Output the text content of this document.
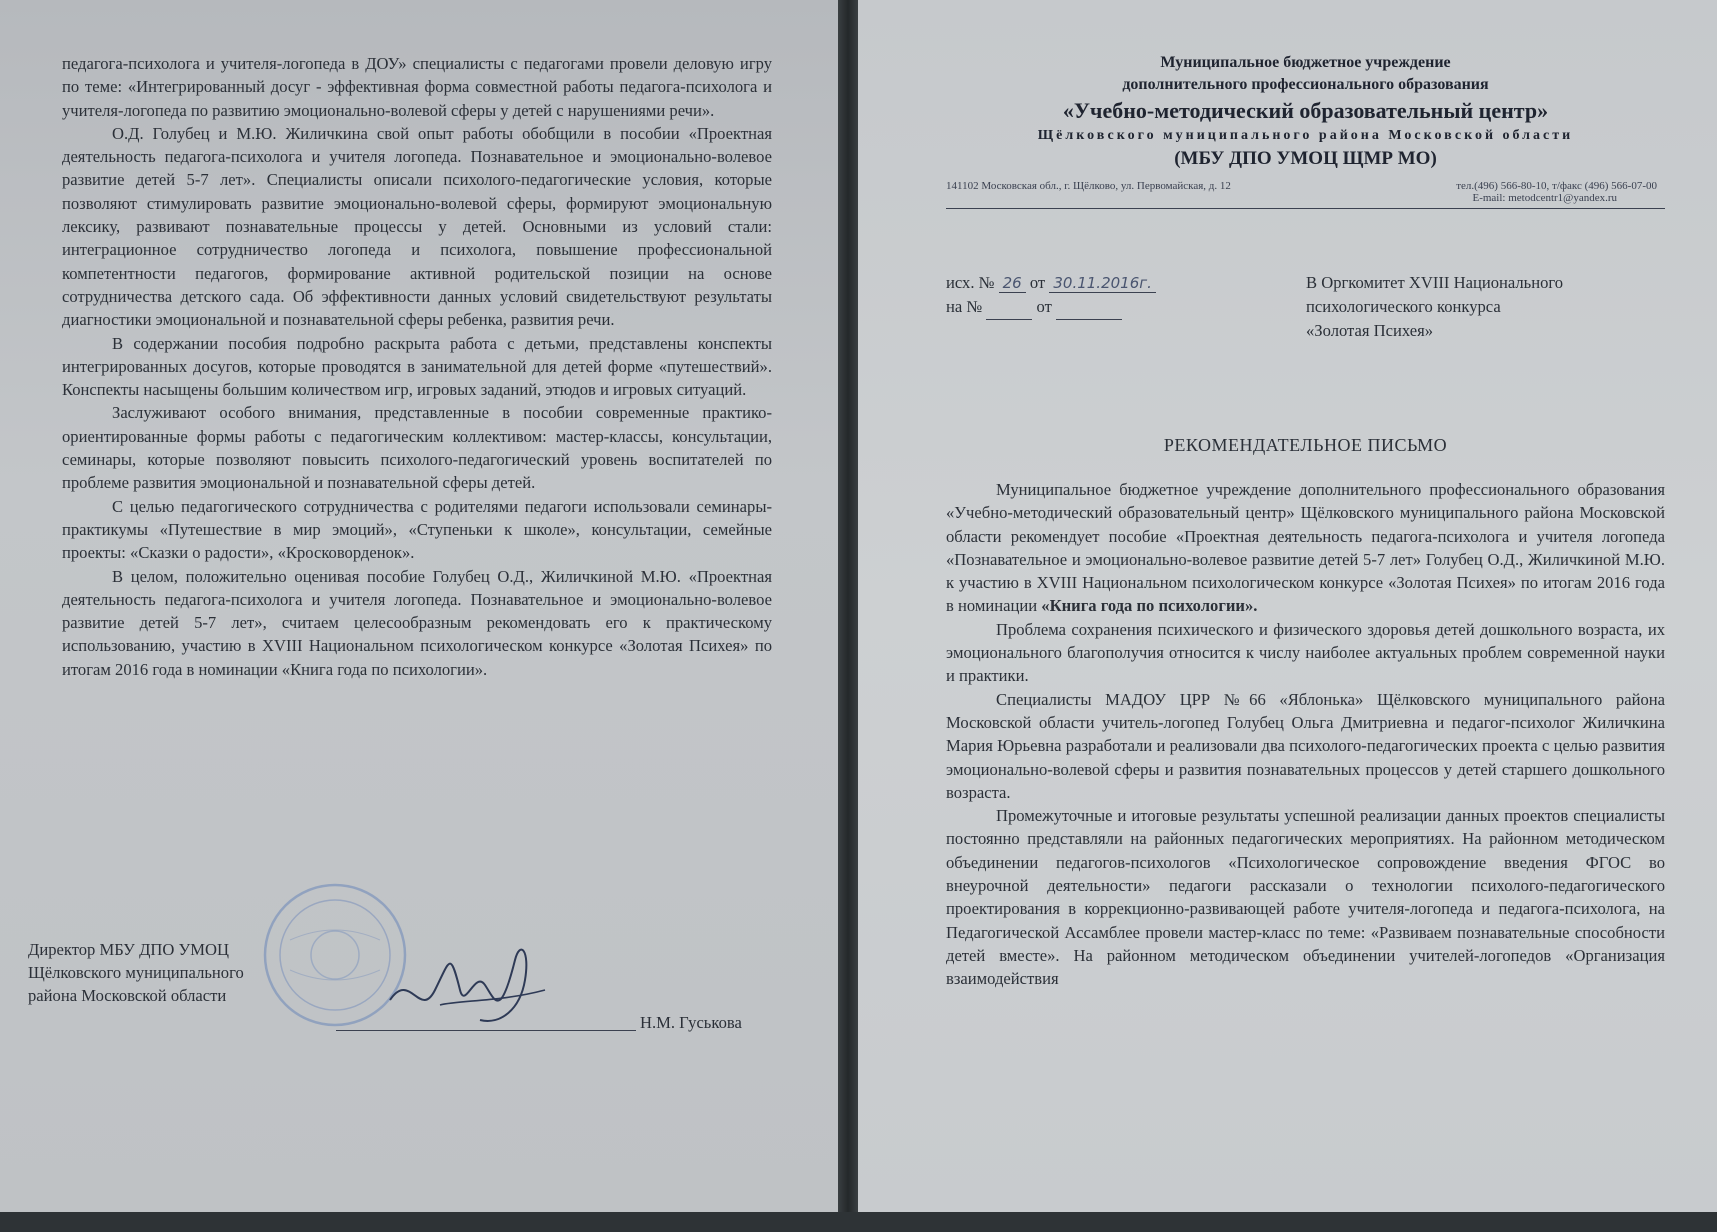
педагога-психолога и учителя-логопеда в ДОУ» специалисты с педагогами провели деловую игру по теме: «Интегрированный досуг - эффективная форма совместной работы педагога-психолога и учителя-логопеда по развитию эмоционально-волевой сферы у детей с нарушениями речи».

О.Д. Голубец и М.Ю. Жиличкина свой опыт работы обобщили в пособии «Проектная деятельность педагога-психолога и учителя логопеда. Познавательное и эмоционально-волевое развитие детей 5-7 лет». Специалисты описали психолого-педагогические условия, которые позволяют стимулировать развитие эмоционально-волевой сферы, формируют эмоциональную лексику, развивают познавательные процессы у детей. Основными из условий стали: интеграционное сотрудничество логопеда и психолога, повышение профессиональной компетентности педагогов, формирование активной родительской позиции на основе сотрудничества детского сада. Об эффективности данных условий свидетельствуют результаты диагностики эмоциональной и познавательной сферы ребенка, развития речи.

В содержании пособия подробно раскрыта работа с детьми, представлены конспекты интегрированных досугов, которые проводятся в занимательной для детей форме «путешествий». Конспекты насыщены большим количеством игр, игровых заданий, этюдов и игровых ситуаций.

Заслуживают особого внимания, представленные в пособии современные практико-ориентированные формы работы с педагогическим коллективом: мастер-классы, консультации, семинары, которые позволяют повысить психолого-педагогический уровень воспитателей по проблеме развития эмоциональной и познавательной сферы детей.

С целью педагогического сотрудничества с родителями педагоги использовали семинары-практикумы «Путешествие в мир эмоций», «Ступеньки к школе», консультации, семейные проекты: «Сказки о радости», «Кросковорденок».

В целом, положительно оценивая пособие Голубец О.Д., Жиличкиной М.Ю. «Проектная деятельность педагога-психолога и учителя логопеда. Познавательное и эмоционально-волевое развитие детей 5-7 лет», считаем целесообразным рекомендовать его к практическому использованию, участию в XVIII Национальном психологическом конкурсе «Золотая Психея» по итогам 2016 года в номинации «Книга года по психологии».

Директор МБУ ДПО УМОЦ
Щёлковского муниципального
района Московской области
Н.М. Гуськова
Муниципальное бюджетное учреждение
дополнительного профессионального образования
«Учебно-методический образовательный центр»
Щёлковского муниципального района Московской области
(МБУ ДПО УМОЦ ЩМР МО)
141102 Московская обл., г. Щёлково, ул. Первомайская, д. 12	тел.(496) 566-80-10, т/факс (496) 566-07-00
E-mail: metodcentr1@yandex.ru
исх. № 26 от 30.11.2016г.
на №	от
В Оргкомитет XVIII Национального
психологического конкурса
«Золотая Психея»
РЕКОМЕНДАТЕЛЬНОЕ ПИСЬМО

Муниципальное бюджетное учреждение дополнительного профессионального образования «Учебно-методический образовательный центр» Щёлковского муниципального района Московской области рекомендует пособие «Проектная деятельность педагога-психолога и учителя логопеда «Познавательное и эмоционально-волевое развитие детей 5-7 лет» Голубец О.Д., Жиличкиной М.Ю. к участию в XVIII Национальном психологическом конкурсе «Золотая Психея» по итогам 2016 года в номинации «Книга года по психологии».

Проблема сохранения психического и физического здоровья детей дошкольного возраста, их эмоционального благополучия относится к числу наиболее актуальных проблем современной науки и практики.

Специалисты МАДОУ ЦРР №66 «Яблонька» Щёлковского муниципального района Московской области учитель-логопед Голубец Ольга Дмитриевна и педагог-психолог Жиличкина Мария Юрьевна разработали и реализовали два психолого-педагогических проекта с целью развития эмоционально-волевой сферы и развития познавательных процессов у детей старшего дошкольного возраста.

Промежуточные и итоговые результаты успешной реализации данных проектов специалисты постоянно представляли на районных педагогических мероприятиях. На районном методическом объединении педагогов-психологов «Психологическое сопровождение введения ФГОС во внеурочной деятельности» педагоги рассказали о технологии психолого-педагогического проектирования в коррекционно-развивающей работе учителя-логопеда и педагога-психолога, на Педагогической Ассамблее провели мастер-класс по теме: «Развиваем познавательные способности детей вместе». На районном методическом объединении учителей-логопедов «Организация взаимодействия
